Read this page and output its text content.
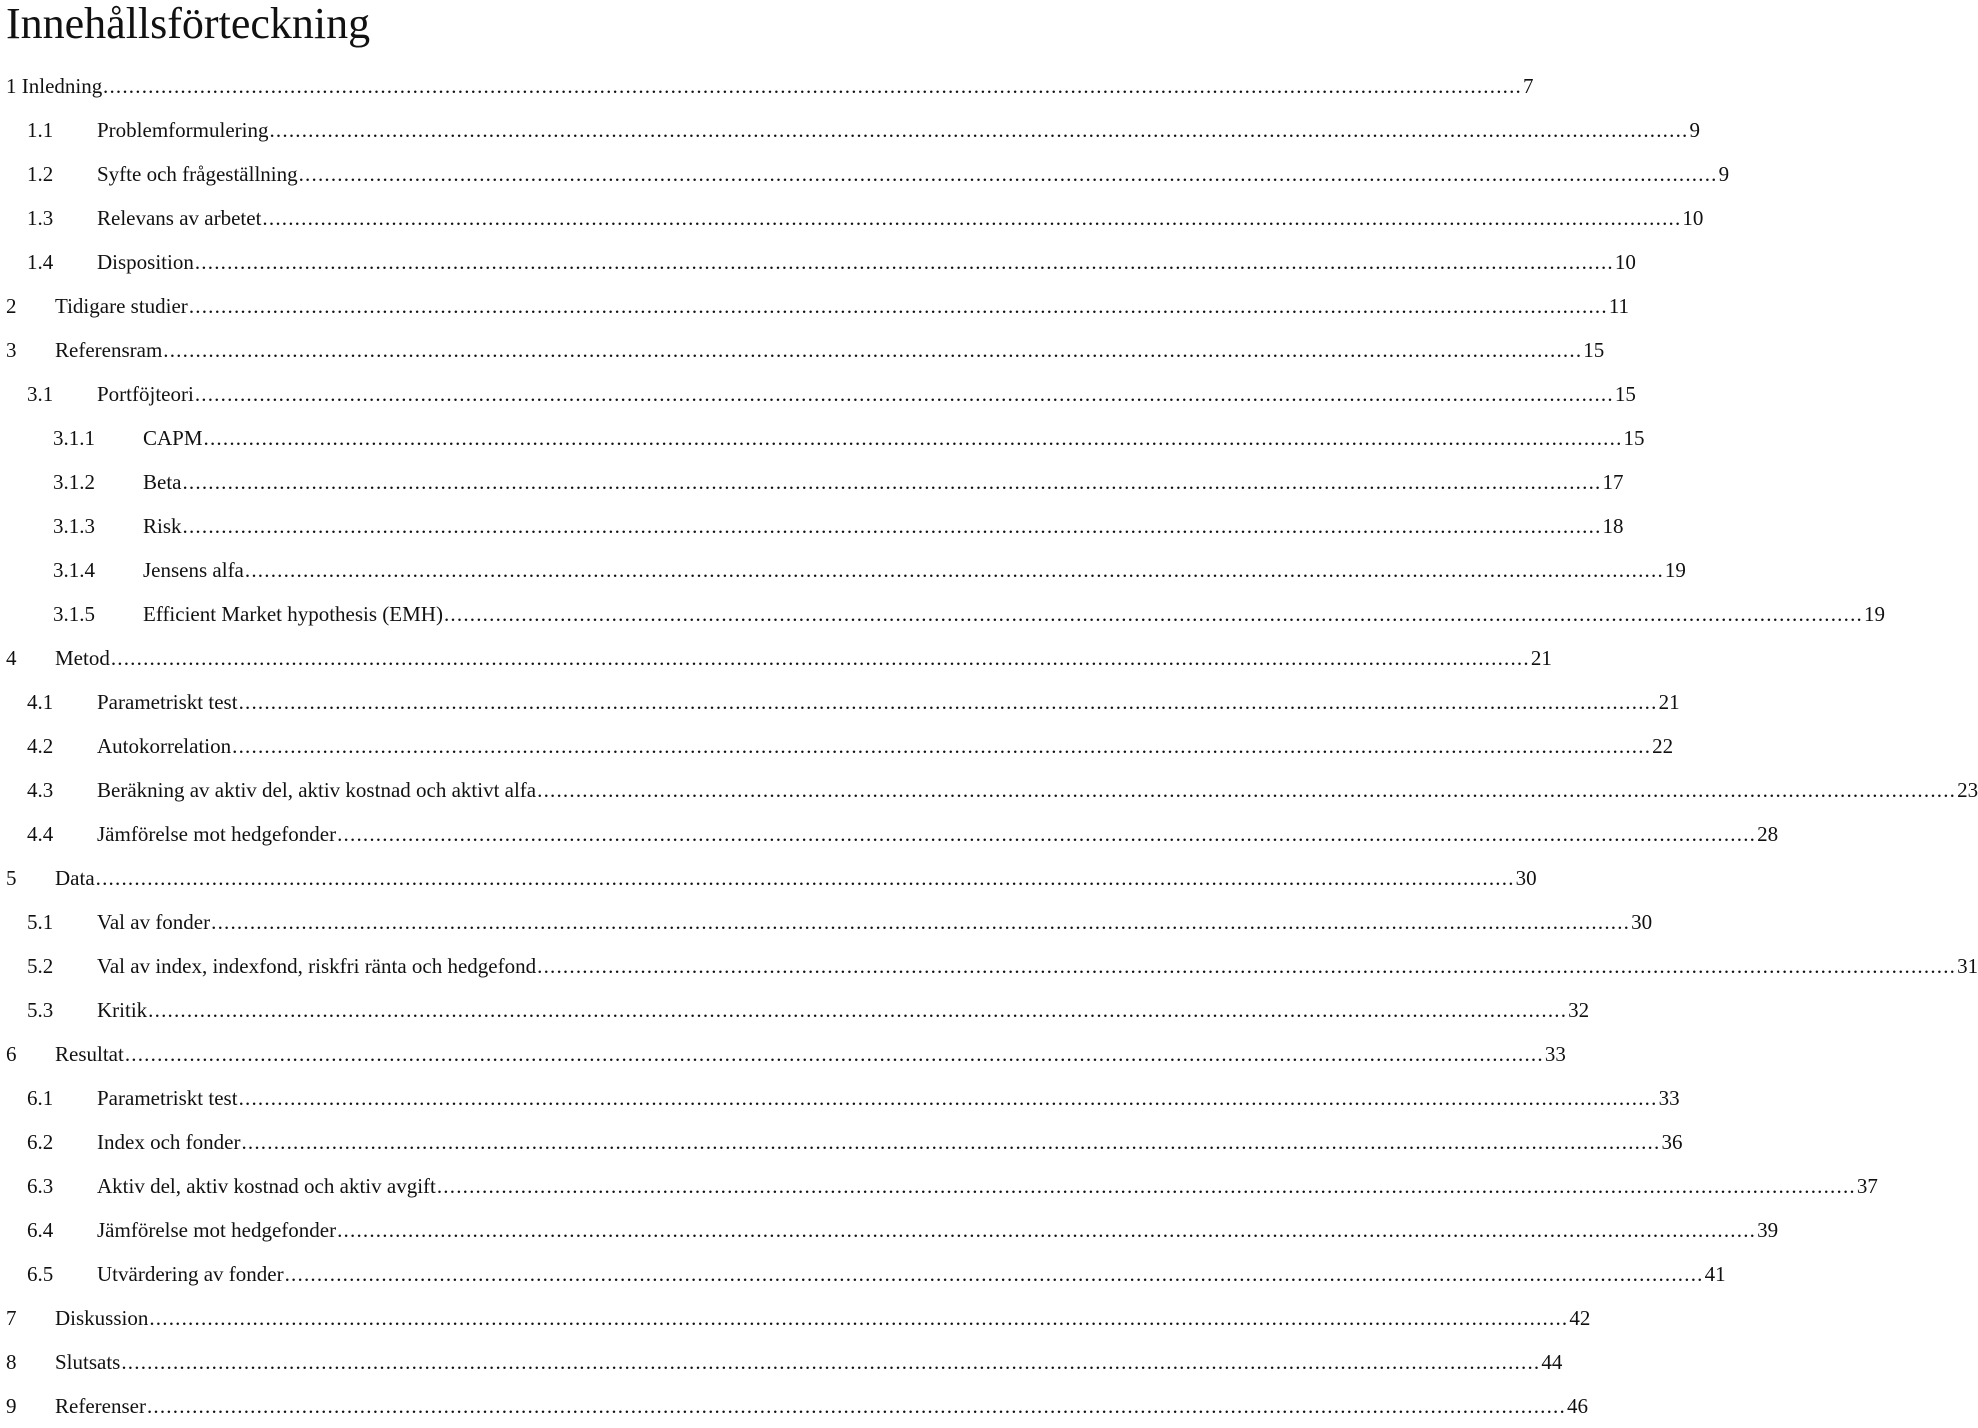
Innehållsförteckning
1 Inledning ............................................................................................................................................................................................................................ 7
1.1 Problemformulering ............................................................................................................................................................................................................................ 9
1.2 Syfte och frågeställning ............................................................................................................................................................................................................................ 9
1.3 Relevans av arbetet ............................................................................................................................................................................................................................ 10
1.4 Disposition ............................................................................................................................................................................................................................ 10
2 Tidigare studier ............................................................................................................................................................................................................................ 11
3 Referensram ............................................................................................................................................................................................................................ 15
3.1 Portföjteori ............................................................................................................................................................................................................................ 15
3.1.1 CAPM ............................................................................................................................................................................................................................ 15
3.1.2 Beta ............................................................................................................................................................................................................................ 17
3.1.3 Risk ............................................................................................................................................................................................................................ 18
3.1.4 Jensens alfa ............................................................................................................................................................................................................................ 19
3.1.5 Efficient Market hypothesis (EMH) ............................................................................................................................................................................................................................ 19
4 Metod ............................................................................................................................................................................................................................ 21
4.1 Parametriskt test ............................................................................................................................................................................................................................ 21
4.2 Autokorrelation ............................................................................................................................................................................................................................ 22
4.3 Beräkning av aktiv del, aktiv kostnad och aktivt alfa ............................................................................................................................................................................................................................ 23
4.4 Jämförelse mot hedgefonder ............................................................................................................................................................................................................................ 28
5 Data ............................................................................................................................................................................................................................ 30
5.1 Val av fonder ............................................................................................................................................................................................................................ 30
5.2 Val av index, indexfond, riskfri ränta och hedgefond ............................................................................................................................................................................................................................ 31
5.3 Kritik ............................................................................................................................................................................................................................ 32
6 Resultat ............................................................................................................................................................................................................................ 33
6.1 Parametriskt test ............................................................................................................................................................................................................................ 33
6.2 Index och fonder ............................................................................................................................................................................................................................ 36
6.3 Aktiv del, aktiv kostnad och aktiv avgift ............................................................................................................................................................................................................................ 37
6.4 Jämförelse mot hedgefonder ............................................................................................................................................................................................................................ 39
6.5 Utvärdering av fonder ............................................................................................................................................................................................................................ 41
7 Diskussion ............................................................................................................................................................................................................................ 42
8 Slutsats ............................................................................................................................................................................................................................ 44
9 Referenser ............................................................................................................................................................................................................................ 46
